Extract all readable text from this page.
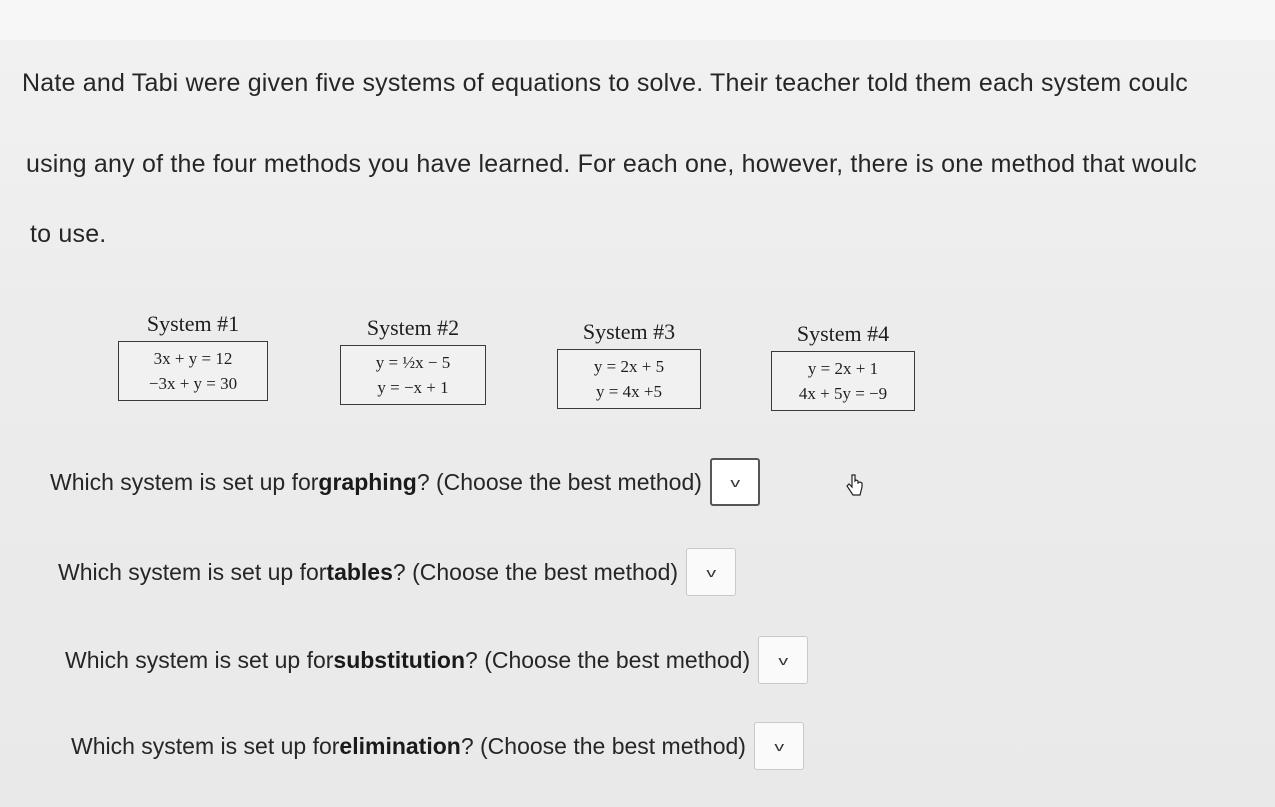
Nate and Tabi were given five systems of equations to solve. Their teacher told them each system coulc
using any of the four methods you have learned. For each one, however, there is one method that woulc
to use.
System #1
3x + y = 12
−3x + y = 30
System #2
y = ½x − 5
y = −x + 1
System #3
y = 2x + 5
y = 4x +5
System #4
y = 2x + 1
4x + 5y = −9
Which system is set up for graphing ? (Choose the best method) v
Which system is set up for tables ? (Choose the best method) v
Which system is set up for substitution ? (Choose the best method) v
Which system is set up for elimination ? (Choose the best method) v
